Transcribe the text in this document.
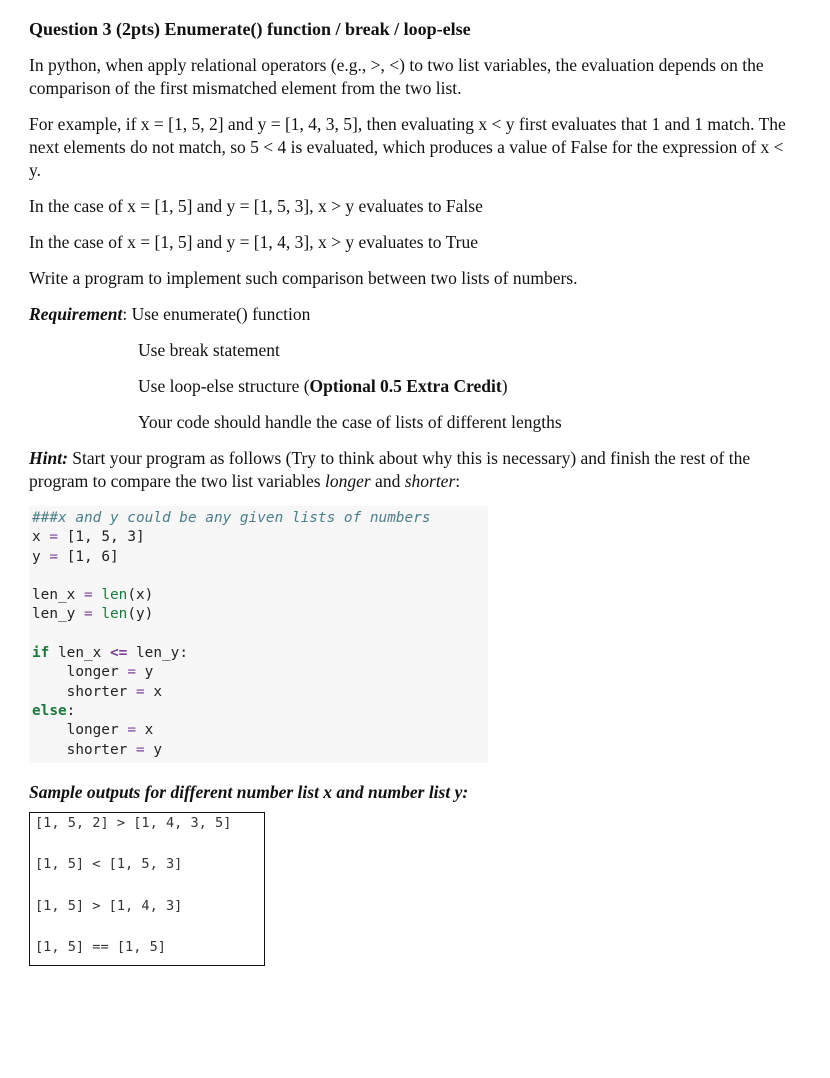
Question 3 (2pts) Enumerate() function / break / loop-else
In python, when apply relational operators (e.g., >, <) to two list variables, the evaluation depends on the comparison of the first mismatched element from the two list.
For example, if x = [1, 5, 2] and y = [1, 4, 3, 5], then evaluating x < y first evaluates that 1 and 1 match. The next elements do not match, so 5 < 4 is evaluated, which produces a value of False for the expression of x < y.
In the case of x = [1, 5] and y = [1, 5, 3], x > y evaluates to False
In the case of x = [1, 5] and y = [1, 4, 3], x > y evaluates to True
Write a program to implement such comparison between two lists of numbers.
Requirement: Use enumerate() function
Use break statement
Use loop-else structure (Optional 0.5 Extra Credit)
Your code should handle the case of lists of different lengths
Hint: Start your program as follows (Try to think about why this is necessary) and finish the rest of the program to compare the two list variables longer and shorter:
###x and y could be any given lists of numbers
x = [1, 5, 3]
y = [1, 6]

len_x = len(x)
len_y = len(y)

if len_x <= len_y:
longer = y
shorter = x
else:
longer = x
shorter = y
Sample outputs for different number list x and number list y:
[1, 5, 2] > [1, 4, 3, 5]
[1, 5] < [1, 5, 3]
[1, 5] > [1, 4, 3]
[1, 5] == [1, 5]
